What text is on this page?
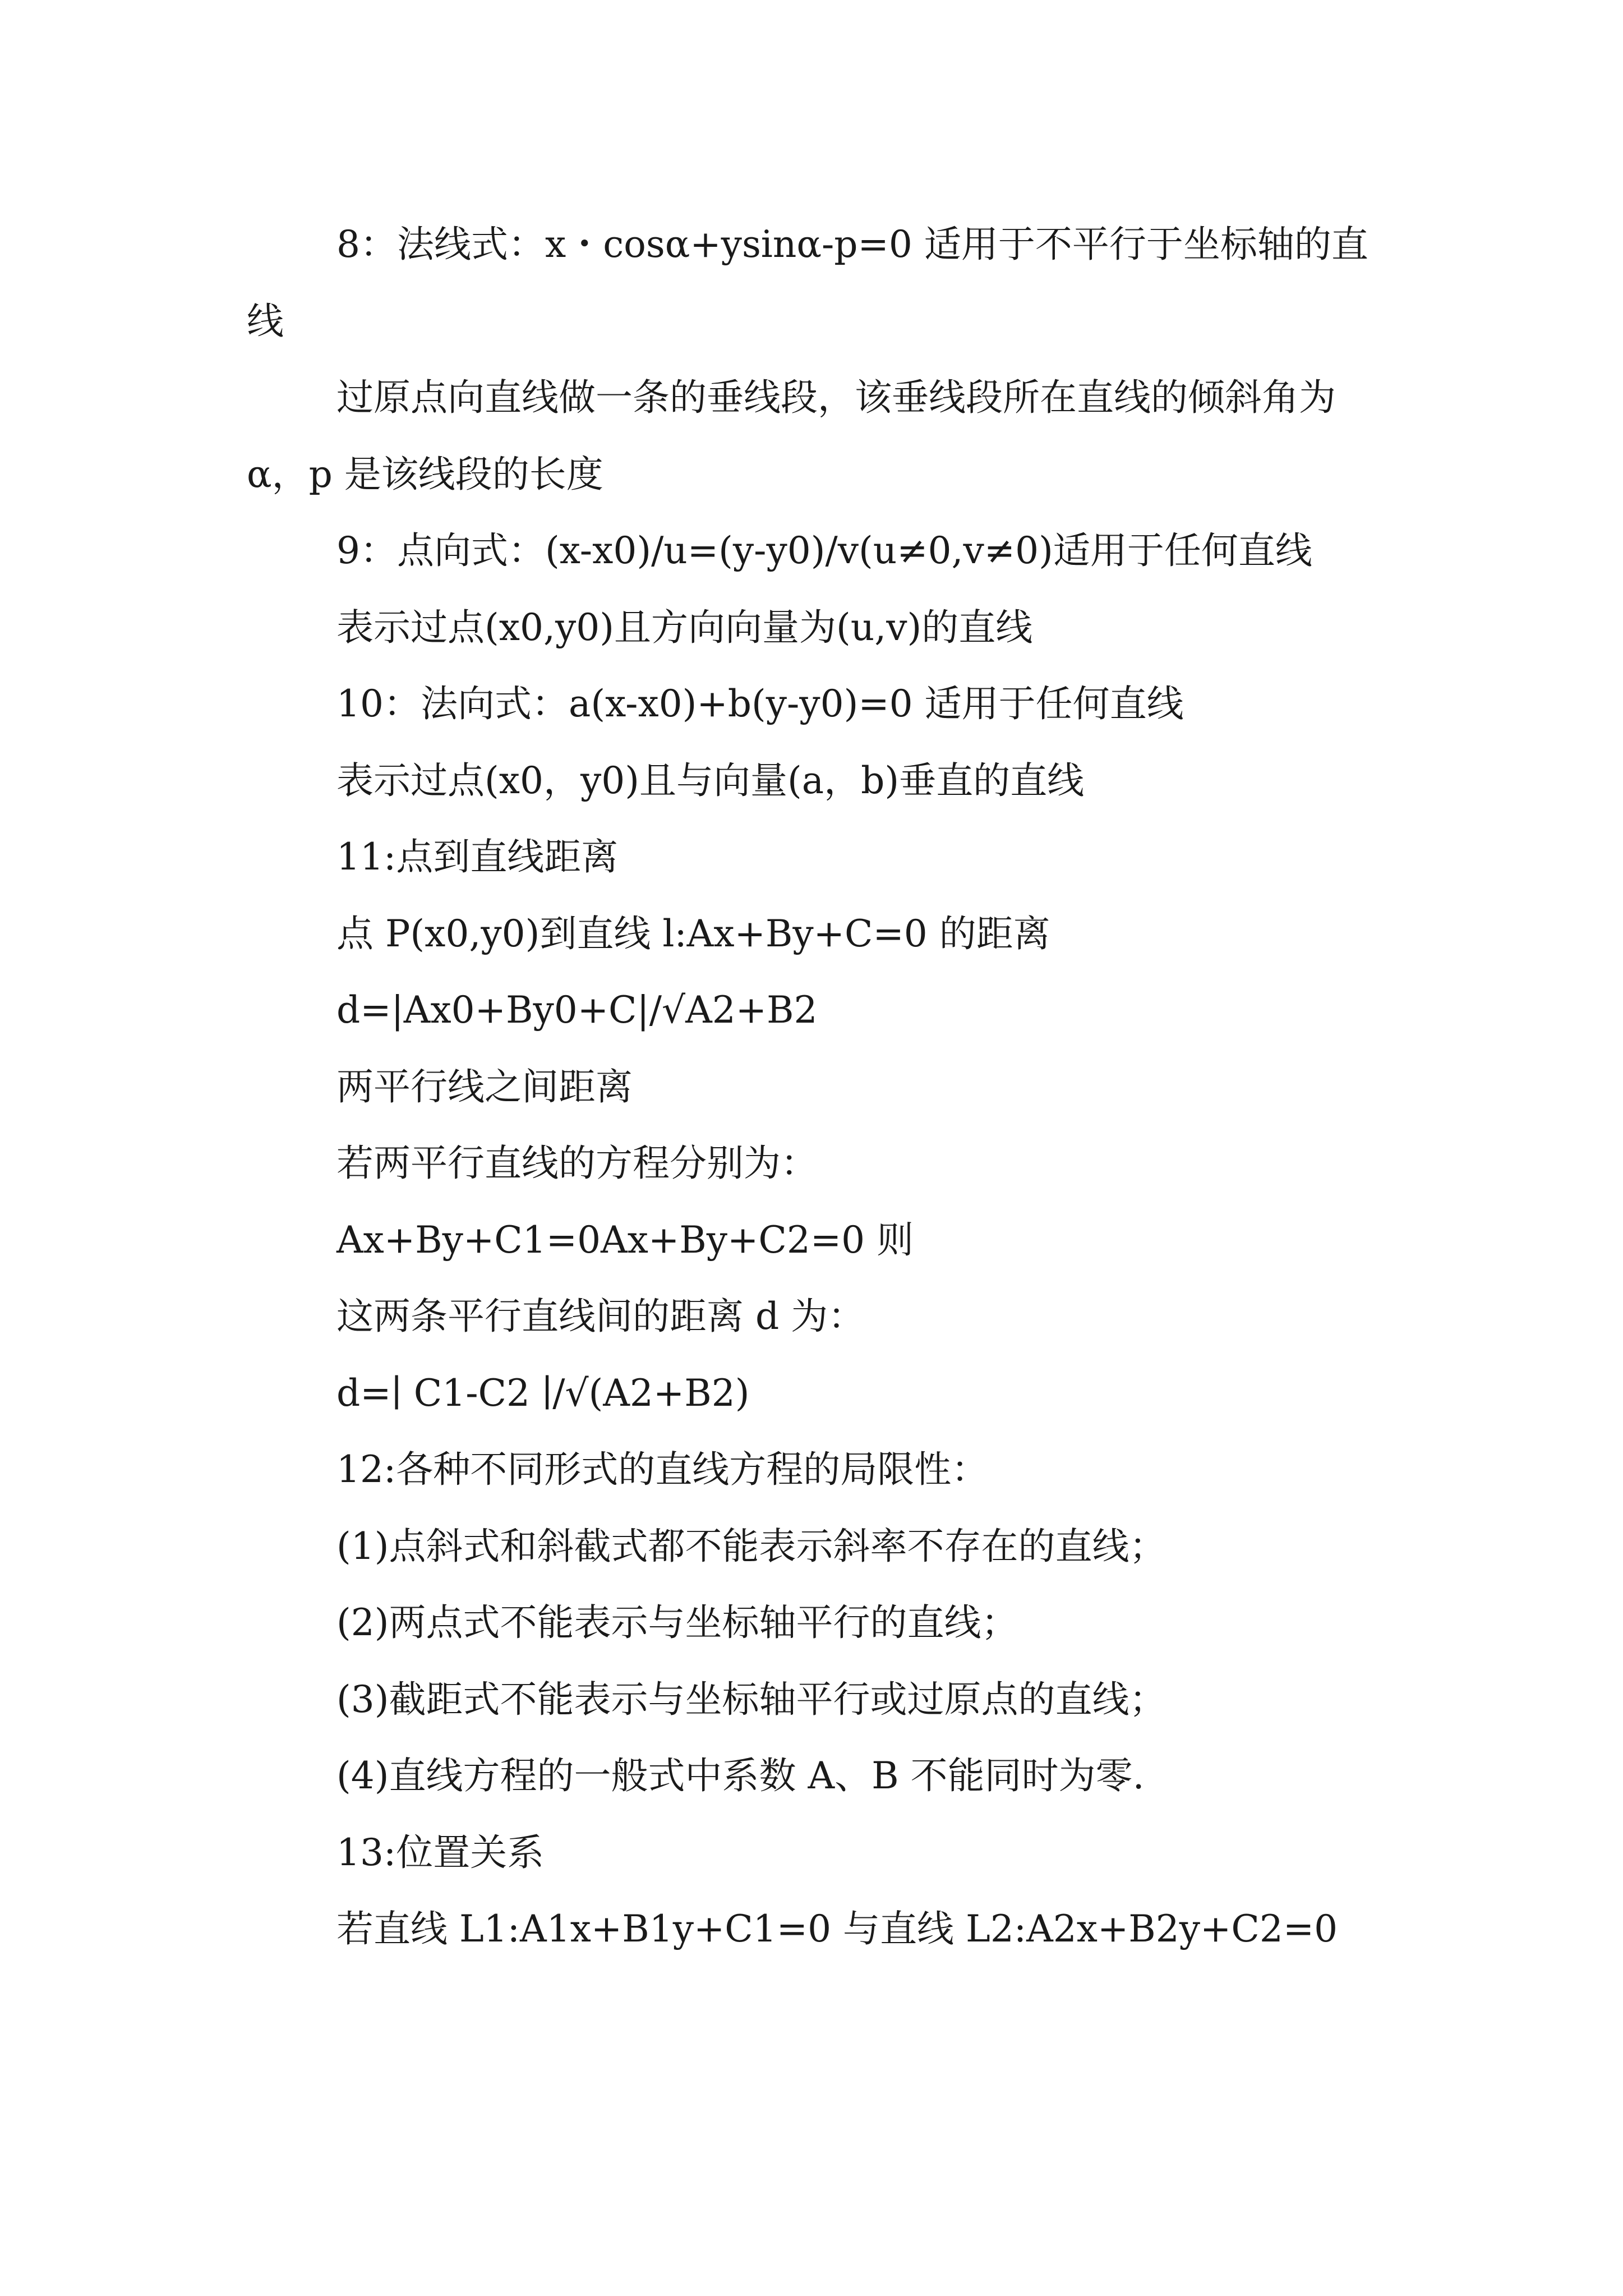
8：法线式：x・cosα+ysinα-p=0 适用于不平行于坐标轴的直线

过原点向直线做一条的垂线段，该垂线段所在直线的倾斜角为α，p 是该线段的长度

9：点向式：(x-x0)/u=(y-y0)/v(u≠0,v≠0)适用于任何直线

表示过点(x0,y0)且方向向量为(u,v)的直线

10：法向式：a(x-x0)+b(y-y0)=0 适用于任何直线

表示过点(x0，y0)且与向量(a，b)垂直的直线

11:点到直线距离

点 P(x0,y0)到直线 l:Ax+By+C=0 的距离

d=|Ax0+By0+C|/√A2+B2

两平行线之间距离

若两平行直线的方程分别为：

Ax+By+C1=0Ax+By+C2=0 则

这两条平行直线间的距离 d 为：

d=∣ C1-C2 ∣/√(A2+B2)

12:各种不同形式的直线方程的局限性：

(1)点斜式和斜截式都不能表示斜率不存在的直线；

(2)两点式不能表示与坐标轴平行的直线；

(3)截距式不能表示与坐标轴平行或过原点的直线；

(4)直线方程的一般式中系数 A、B 不能同时为零.

13:位置关系

若直线 L1:A1x+B1y+C1=0 与直线 L2:A2x+B2y+C2=0
